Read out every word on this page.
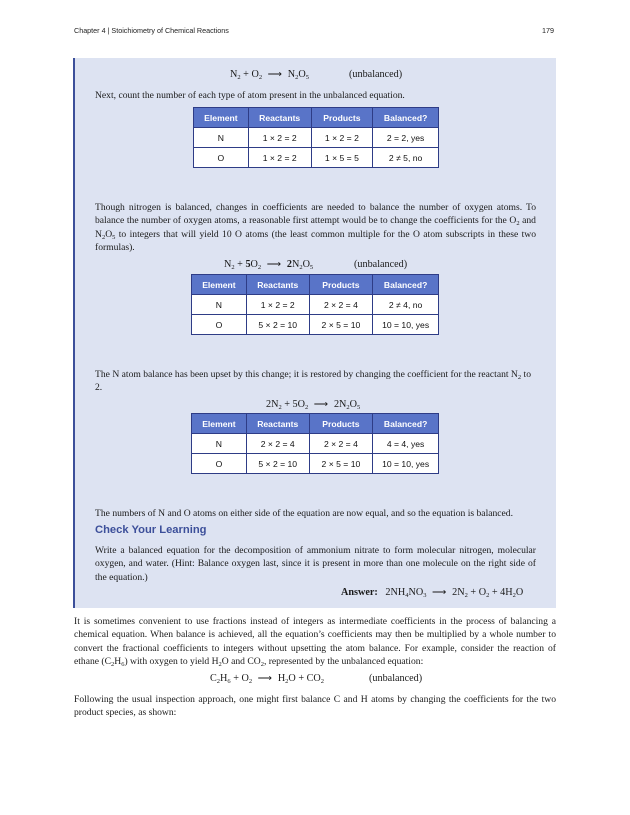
Chapter 4 | Stoichiometry of Chemical Reactions	179
$N_2 + O_2$ ⟶ $N_2O_5$	(unbalanced)
Next, count the number of each type of atom present in the unbalanced equation.
Element	Reactants	Products	Balanced?
N	1 × 2 = 2	1 × 2 = 2	2 = 2, yes
O	1 × 2 = 2	1 × 5 = 5	2 ≠ 5, no
Though nitrogen is balanced, changes in coefficients are needed to balance the number of oxygen atoms. To balance the number of oxygen atoms, a reasonable first attempt would be to change the coefficients for the $O_2$ and $N_2O_5$ to integers that will yield 10 O atoms (the least common multiple for the O atom subscripts in these two formulas).
$N_2 + 5O_2$ ⟶ $2N_2O_5$	(unbalanced)
Element	Reactants	Products	Balanced?
N	1 × 2 = 2	2 × 2 = 4	2 ≠ 4, no
O	5 × 2 = 10	2 × 5 = 10	10 = 10, yes
The N atom balance has been upset by this change; it is restored by changing the coefficient for the reactant $N_2$ to 2.
$2N_2 + 5O_2$ ⟶ $2N_2O_5$
Element	Reactants	Products	Balanced?
N	2 × 2 = 4	2 × 2 = 4	4 = 4, yes
O	5 × 2 = 10	2 × 5 = 10	10 = 10, yes
The numbers of N and O atoms on either side of the equation are now equal, and so the equation is balanced.
Check Your Learning
Write a balanced equation for the decomposition of ammonium nitrate to form molecular nitrogen, molecular oxygen, and water. (Hint: Balance oxygen last, since it is present in more than one molecule on the right side of the equation.)
Answer: $2NH_4NO_3$ ⟶ $2N_2 + O_2 + 4H_2O$
It is sometimes convenient to use fractions instead of integers as intermediate coefficients in the process of balancing a chemical equation. When balance is achieved, all the equation’s coefficients may then be multiplied by a whole number to convert the fractional coefficients to integers without upsetting the atom balance. For example, consider the reaction of ethane $(C_2H_6)$ with oxygen to yield $H_2O$ and $CO_2$, represented by the unbalanced equation:
$C_2H_6 + O_2$ ⟶ $H_2O + CO_2$	(unbalanced)
Following the usual inspection approach, one might first balance C and H atoms by changing the coefficients for the two product species, as shown:
